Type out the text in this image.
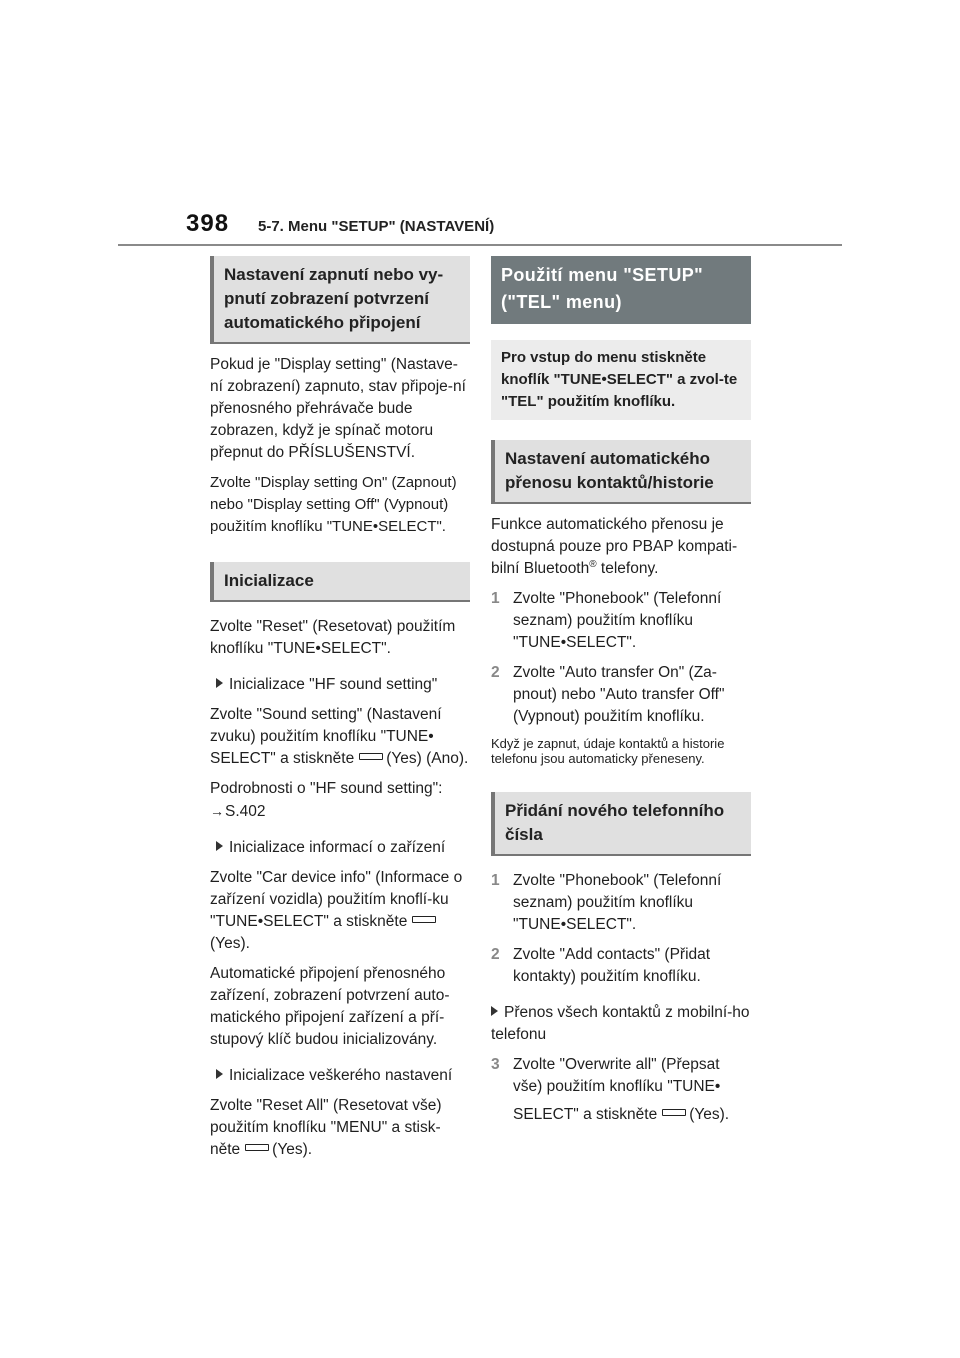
398 5-7. Menu "SETUP" (NASTAVENÍ)
Nastavení zapnutí nebo vy-pnutí zobrazení potvrzení automatického připojení

Pokud je "Display setting" (Nastave-ní zobrazení) zapnuto, stav připoje-ní přenosného přehrávače bude zobrazen, když je spínač motoru přepnut do PŘÍSLUŠENSTVÍ.

Zvolte "Display setting On" (Zapnout) nebo "Display setting Off" (Vypnout) použitím knoflíku "TUNE•SELECT".

Inicializace

Zvolte "Reset" (Resetovat) použitím knoflíku "TUNE•SELECT".

Inicializace "HF sound setting"

Zvolte "Sound setting" (Nastavení zvuku) použitím knoflíku "TUNE• SELECT" a stiskněte (Yes) (Ano).

Podrobnosti o "HF sound setting":

→S.402

Inicializace informací o zařízení

Zvolte "Car device info" (Informace o zařízení vozidla) použitím knoflí-ku "TUNE•SELECT" a stiskněte(Yes).

Automatické připojení přenosného zařízení, zobrazení potvrzení auto-matického připojení zařízení a pří-stupový klíč budou inicializovány.

Inicializace veškerého nastavení

Zvolte "Reset All" (Resetovat vše) použitím knoflíku "MENU" a stisk-něte (Yes).

Použití menu "SETUP" ("TEL" menu)
Pro vstup do menu stiskněte knoflík "TUNE•SELECT" a zvol-te "TEL" použitím knoflíku.
Nastavení automatického přenosu kontaktů/historie

Funkce automatického přenosu je dostupná pouze pro PBAP kompati-bilní Bluetooth® telefony.

1 Zvolte "Phonebook" (Telefonní seznam) použitím knoflíku "TUNE•SELECT".

2 Zvolte "Auto transfer On" (Za-pnout) nebo "Auto transfer Off" (Vypnout) použitím knoflíku.

Když je zapnut, údaje kontaktů a historie telefonu jsou automaticky přeneseny.

Přidání nového telefonního čísla

1 Zvolte "Phonebook" (Telefonní seznam) použitím knoflíku "TUNE•SELECT".

2 Zvolte "Add contacts" (Přidat kontakty) použitím knoflíku.

Přenos všech kontaktů z mobilní-ho telefonu

3 Zvolte "Overwrite all" (Přepsat vše) použitím knoflíku "TUNE•

SELECT" a stiskněte (Yes).
